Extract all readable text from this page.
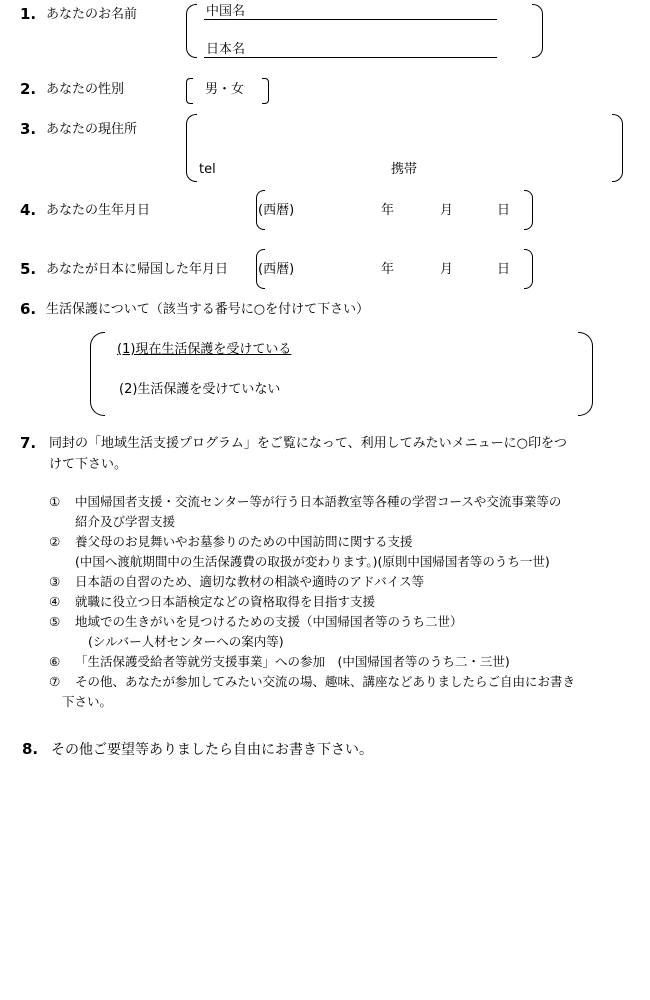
1. あなたのお名前	中国名
日本名
2. あなたの性別	男・女
3. あなたの現住所
tel	携帯
4. あなたの生年月日	(西暦)	年	月	日
5. あなたが日本に帰国した年月日 (西暦)	年	月	日
6. 生活保護について（該当する番号に○を付けて下さい）
(1)現在生活保護を受けている
(2)生活保護を受けていない
7. 同封の「地域生活支援プログラム」をご覧になって、利用してみたいメニューに○印をつ
けて下さい。
① 中国帰国者支援・交流センター等が行う日本語教室等各種の学習コースや交流事業等の
紹介及び学習支援
② 養父母のお見舞いやお墓参りのための中国訪問に関する支援
(中国へ渡航期間中の生活保護費の取扱が変わります。)(原則中国帰国者等のうち一世)
③ 日本語の自習のため、適切な教材の相談や適時のアドバイス等
④ 就職に役立つ日本語検定などの資格取得を目指す支援
⑤ 地域での生きがいを見つけるための支援（中国帰国者等のうち二世）
(シルバー人材センターへの案内等)
⑥ 「生活保護受給者等就労支援事業」への参加　(中国帰国者等のうち二・三世)
⑦ その他、あなたが参加してみたい交流の場、趣味、講座などありましたらご自由にお書き
下さい。
8. その他ご要望等ありましたら自由にお書き下さい。
